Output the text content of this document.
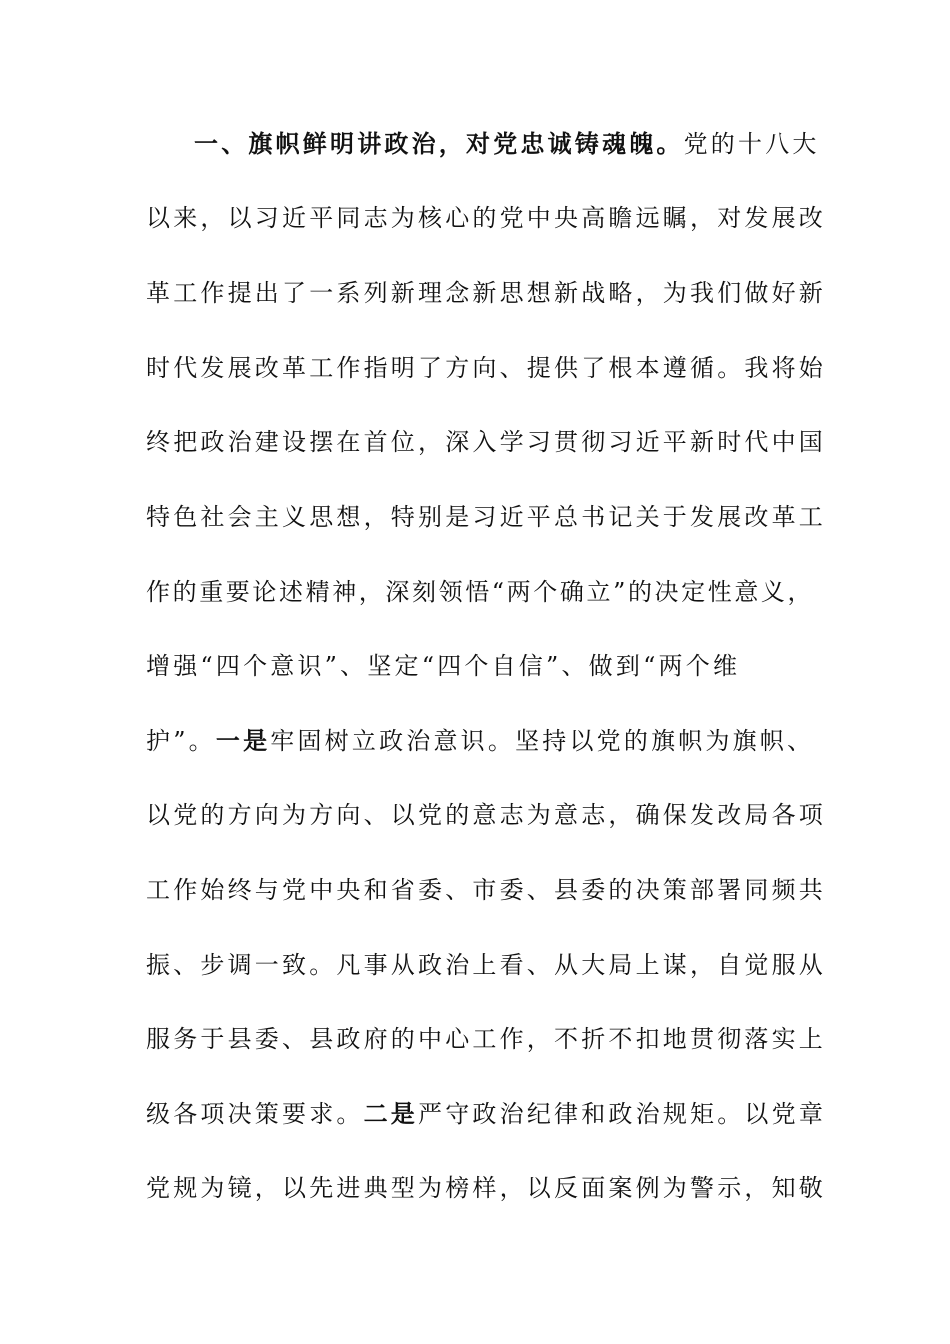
一、旗帜鲜明讲政治，对党忠诚铸魂魄。党的十八大
以来，以习近平同志为核心的党中央高瞻远瞩，对发展改
革工作提出了一系列新理念新思想新战略，为我们做好新
时代发展改革工作指明了方向、提供了根本遵循。我将始
终把政治建设摆在首位，深入学习贯彻习近平新时代中国
特色社会主义思想，特别是习近平总书记关于发展改革工
作的重要论述精神，深刻领悟“两个确立”的决定性意义，
增强“四个意识”、坚定“四个自信”、做到“两个维
护”。一是牢固树立政治意识。坚持以党的旗帜为旗帜、
以党的方向为方向、以党的意志为意志，确保发改局各项
工作始终与党中央和省委、市委、县委的决策部署同频共
振、步调一致。凡事从政治上看、从大局上谋，自觉服从
服务于县委、县政府的中心工作，不折不扣地贯彻落实上
级各项决策要求。二是严守政治纪律和政治规矩。以党章
党规为镜，以先进典型为榜样，以反面案例为警示，知敬
